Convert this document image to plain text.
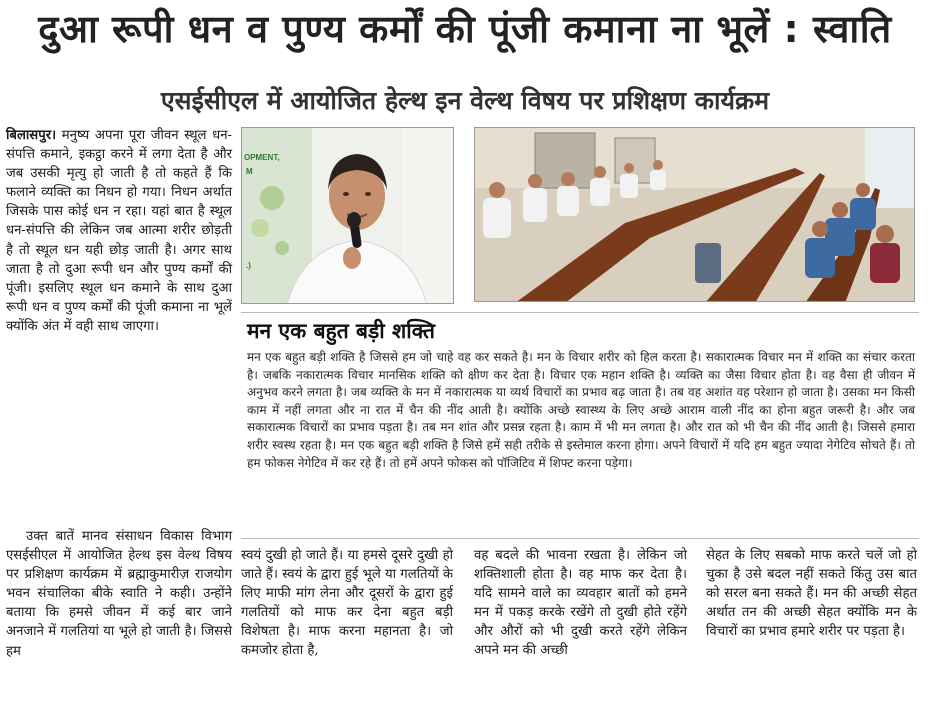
दुआ रूपी धन व पुण्य कर्मों की पूंजी कमाना ना भूलें : स्वाति
एसईसीएल में आयोजित हेल्थ इन वेल्थ विषय पर प्रशिक्षण कार्यक्रम

बिलासपुर। मनुष्य अपना पूरा जीवन स्थूल धन-संपत्ति कमाने, इकट्ठा करने में लगा देता है और जब उसकी मृत्यु हो जाती है तो कहते हैं कि फलाने व्यक्ति का निधन हो गया। निधन अर्थात जिसके पास कोई धन न रहा। यहां बात है स्थूल धन-संपत्ति की लेकिन जब आत्मा शरीर छोड़ती है तो स्थूल धन यही छोड़ जाती है। अगर साथ जाता है तो दुआ रूपी धन और पुण्य कर्मों की पूंजी। इसलिए स्थूल धन कमाने के साथ दुआ रूपी धन व पुण्य कर्मों की पूंजी कमाना ना भूलें क्योंकि अंत में वही साथ जाएगा।

उक्त बातें मानव संसाधन विकास विभाग एसईसीएल में आयोजित हेल्थ इस वेल्थ विषय पर प्रशिक्षण कार्यक्रम में ब्रह्माकुमारीज़ राजयोग भवन संचालिका बीके स्वाति ने कही। उन्होंने बताया कि हमसे जीवन में कई बार जाने अनजाने में गलतियां या भूले हो जाती है। जिससे हम

OPMENT,
M
.)
मन एक बहुत बड़ी शक्ति
मन एक बहुत बड़ी शक्ति है जिससे हम जो चाहे वह कर सकते है। मन के विचार शरीर को हिल करता है। सकारात्मक विचार मन में शक्ति का संचार करता है। जबकि नकारात्मक विचार मानसिक शक्ति को क्षीण कर देता है। विचार एक महान शक्ति है। व्यक्ति का जैसा विचार होता है। वह वैसा ही जीवन में अनुभव करने लगता है। जब व्यक्ति के मन में नकारात्मक या व्यर्थ विचारों का प्रभाव बढ़ जाता है। तब वह अशांत वह परेशान हो जाता है। उसका मन किसी काम में नहीं लगता और ना रात में चैन की नींद आती है। क्योंकि अच्छे स्वास्थ्य के लिए अच्छे आराम वाली नींद का होना बहुत जरूरी है। और जब सकारात्मक विचारों का प्रभाव पड़ता है। तब मन शांत और प्रसन्न रहता है। काम में भी मन लगता है। और रात को भी चैन की नींद आती है। जिससे हमारा शरीर स्वस्थ रहता है। मन एक बहुत बड़ी शक्ति है जिसे हमें सही तरीके से इस्तेमाल करना होगा। अपने विचारों में यदि हम बहुत ज्यादा नेगेटिव सोचते हैं। तो हम फोकस नेगेटिव में कर रहे हैं। तो हमें अपने फोकस को पॉजिटिव में शिफ्ट करना पड़ेगा।
स्वयं दुखी हो जाते हैं। या हमसे दूसरे दुखी हो जाते हैं। स्वयं के द्वारा हुई भूले या गलतियों के लिए माफी मांग लेना और दूसरों के द्वारा हुई गलतियों को माफ कर देना बहुत बड़ी विशेषता है। माफ करना महानता है। जो कमजोर होता है,
वह बदले की भावना रखता है। लेकिन जो शक्तिशाली होता है। वह माफ कर देता है। यदि सामने वाले का व्यवहार बातों को हमने मन में पकड़ करके रखेंगे तो दुखी होते रहेंगे और औरों को भी दुखी करते रहेंगे लेकिन अपने मन की अच्छी
सेहत के लिए सबको माफ करते चलें जो हो चुका है उसे बदल नहीं सकते किंतु उस बात को सरल बना सकते हैं। मन की अच्छी सेहत अर्थात तन की अच्छी सेहत क्योंकि मन के विचारों का प्रभाव हमारे शरीर पर पड़ता है।
